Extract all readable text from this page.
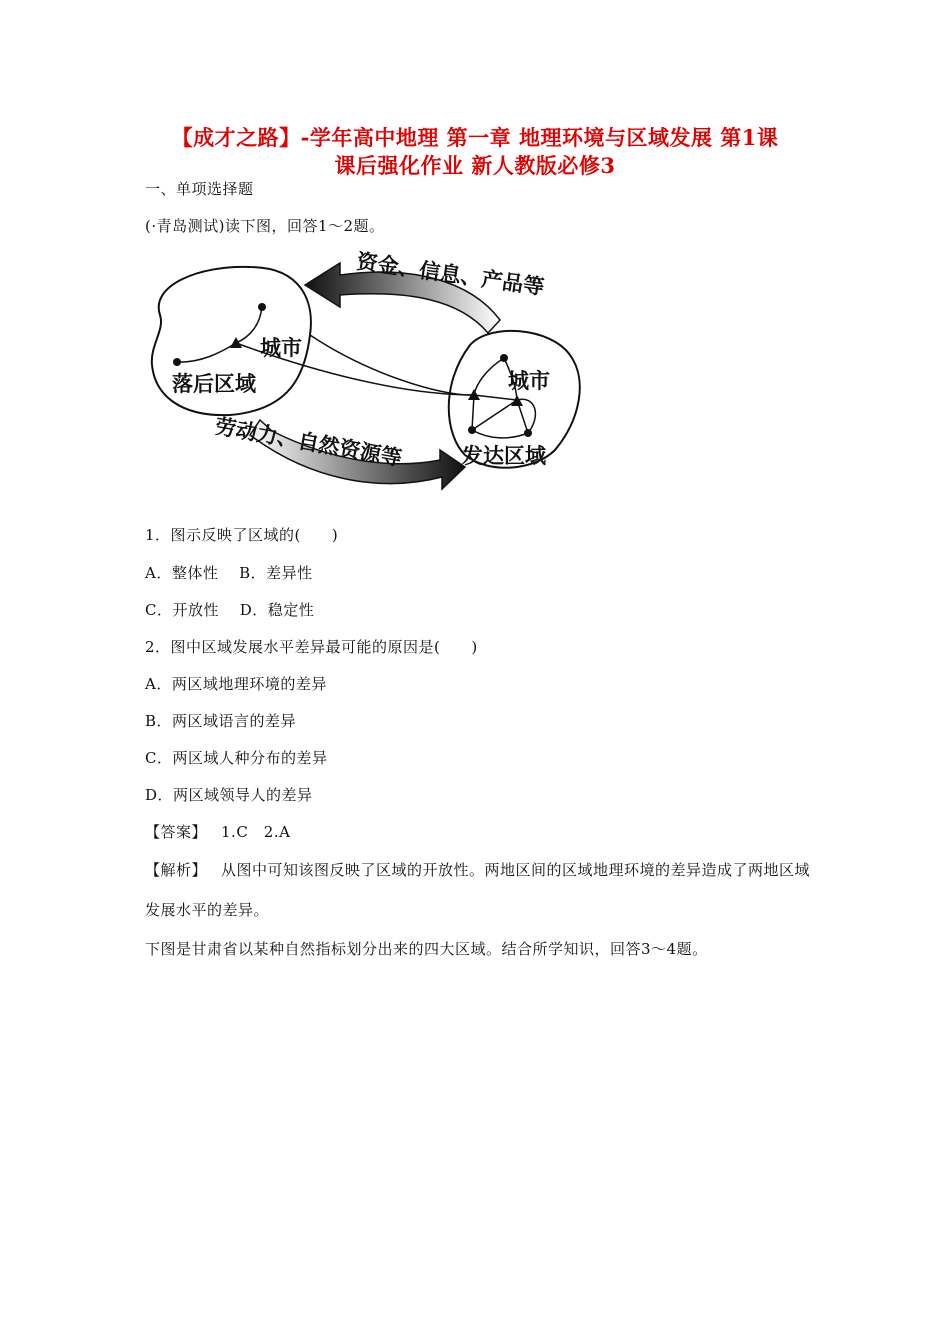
【成才之路】-学年高中地理 第一章 地理环境与区域发展 第1课
课后强化作业 新人教版必修3
一、单项选择题
(·青岛测试)读下图，回答1～2题。
资金、信息、产品等
劳动力、自然资源等
落后区域
城市
发达区域
城市
1．图示反映了区域的(　　)
A．整体性　 B．差异性
C．开放性　 D．稳定性
2．图中区域发展水平差异最可能的原因是(　　)
A．两区域地理环境的差异
B．两区域语言的差异
C．两区域人种分布的差异
D．两区域领导人的差异
【答案】 1.C　2.A
【解析】 从图中可知该图反映了区域的开放性。两地区间的区域地理环境的差异造成了两地区域发展水平的差异。
下图是甘肃省以某种自然指标划分出来的四大区域。结合所学知识，回答3～4题。
